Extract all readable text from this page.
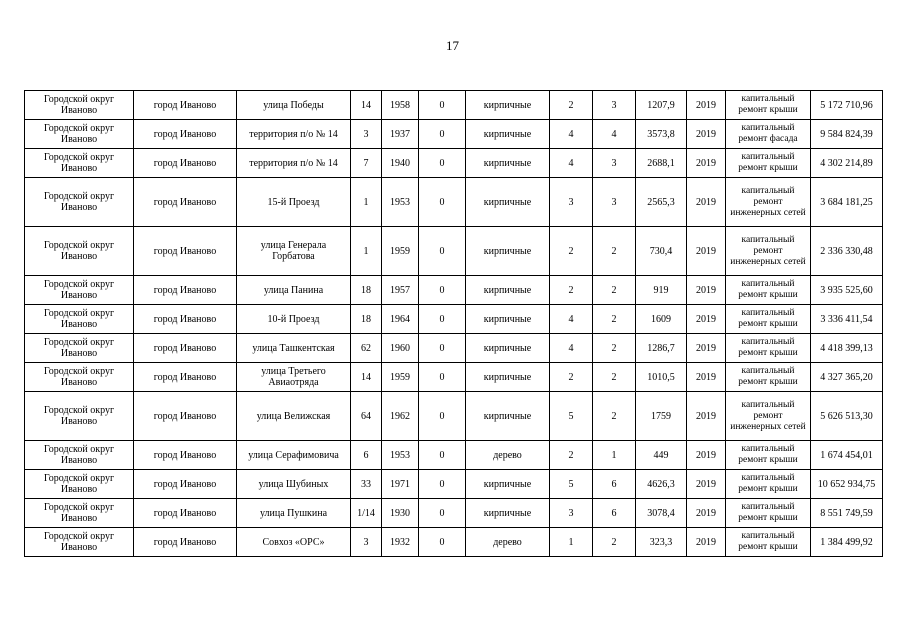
17
Городской округ Иваново	город Иваново	улица Победы	14	1958	0	кирпичные	2	3	1207,9	2019	капитальный ремонт крыши	5 172 710,96
Городской округ Иваново	город Иваново	территория п/о № 14	3	1937	0	кирпичные	4	4	3573,8	2019	капитальный ремонт фасада	9 584 824,39
Городской округ Иваново	город Иваново	территория п/о № 14	7	1940	0	кирпичные	4	3	2688,1	2019	капитальный ремонт крыши	4 302 214,89
Городской округ Иваново	город Иваново	15-й Проезд	1	1953	0	кирпичные	3	3	2565,3	2019	капитальный ремонт инженерных сетей	3 684 181,25
Городской округ Иваново	город Иваново	улица Генерала Горбатова	1	1959	0	кирпичные	2	2	730,4	2019	капитальный ремонт инженерных сетей	2 336 330,48
Городской округ Иваново	город Иваново	улица Панина	18	1957	0	кирпичные	2	2	919	2019	капитальный ремонт крыши	3 935 525,60
Городской округ Иваново	город Иваново	10-й Проезд	18	1964	0	кирпичные	4	2	1609	2019	капитальный ремонт крыши	3 336 411,54
Городской округ Иваново	город Иваново	улица Ташкентская	62	1960	0	кирпичные	4	2	1286,7	2019	капитальный ремонт крыши	4 418 399,13
Городской округ Иваново	город Иваново	улица Третьего Авиаотряда	14	1959	0	кирпичные	2	2	1010,5	2019	капитальный ремонт крыши	4 327 365,20
Городской округ Иваново	город Иваново	улица Велижская	64	1962	0	кирпичные	5	2	1759	2019	капитальный ремонт инженерных сетей	5 626 513,30
Городской округ Иваново	город Иваново	улица Серафимовича	6	1953	0	дерево	2	1	449	2019	капитальный ремонт крыши	1 674 454,01
Городской округ Иваново	город Иваново	улица Шубиных	33	1971	0	кирпичные	5	6	4626,3	2019	капитальный ремонт крыши	10 652 934,75
Городской округ Иваново	город Иваново	улица Пушкина	1/14	1930	0	кирпичные	3	6	3078,4	2019	капитальный ремонт крыши	8 551 749,59
Городской округ Иваново	город Иваново	Совхоз «ОРС»	3	1932	0	дерево	1	2	323,3	2019	капитальный ремонт крыши	1 384 499,92
